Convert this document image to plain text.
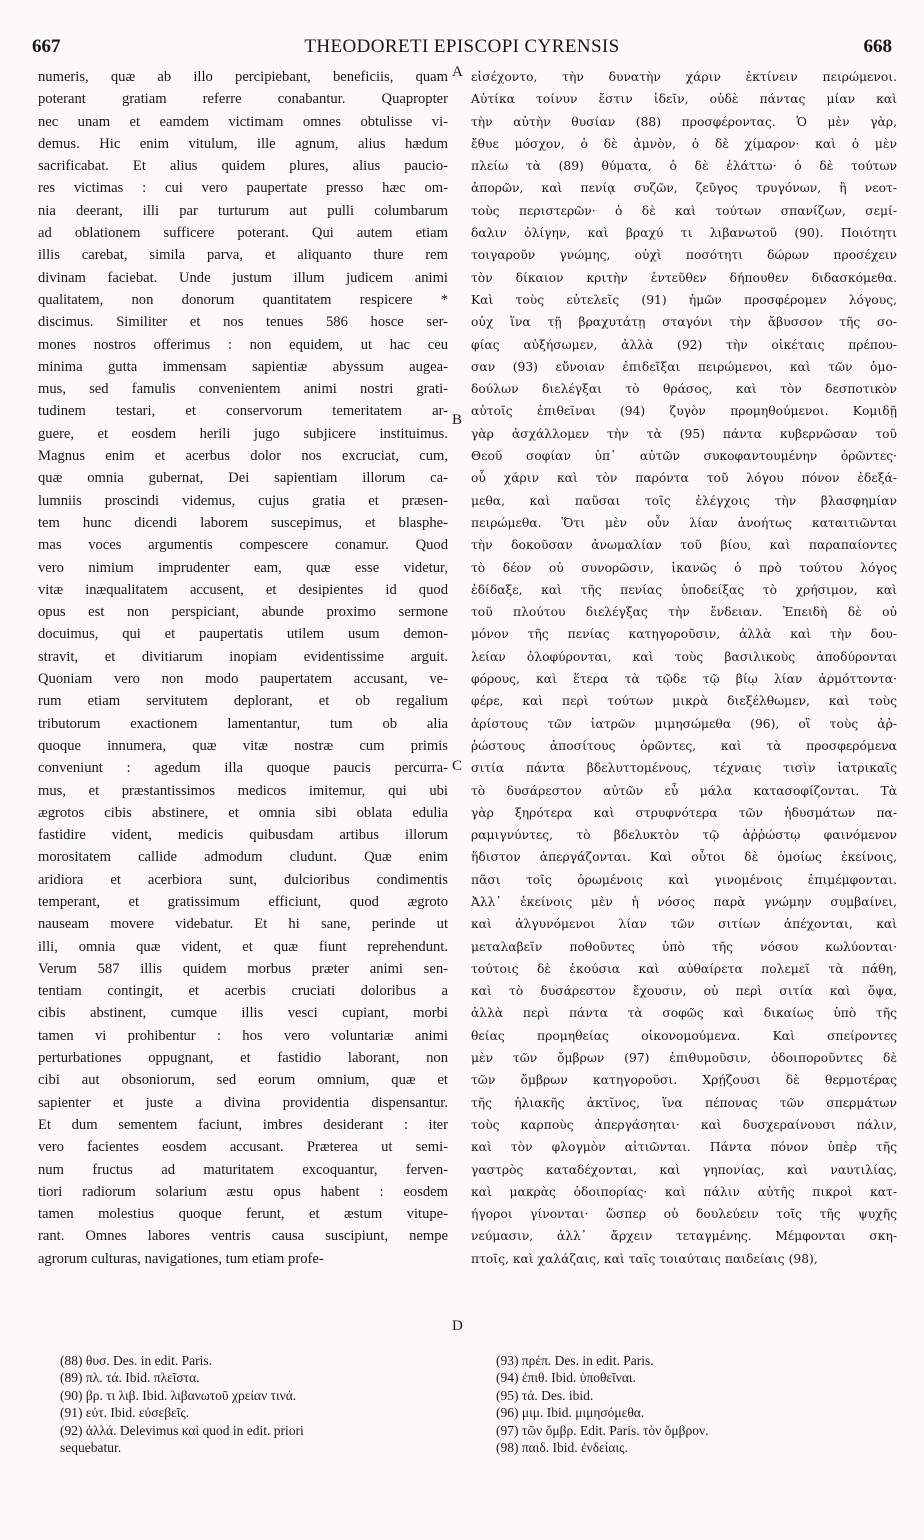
667	THEODORETI EPISCOPI CYRENSIS	668
numeris, quæ ab illo percipiebant, beneficiis, quam
poterant gratiam referre conabantur. Quapropter
nec unam et eamdem victimam omnes obtulisse vi-
demus. Hic enim vitulum, ille agnum, alius hædum
sacrificabat. Et alius quidem plures, alius paucio-
res victimas : cui vero paupertate presso hæc om-
nia deerant, illi par turturum aut pulli columbarum
ad oblationem sufficere poterant. Qui autem etiam
illis carebat, simila parva, et aliquanto thure rem
divinam faciebat. Unde justum illum judicem animi
qualitatem, non donorum quantitatem respicere *
discimus. Similiter et nos tenues 586 hosce ser-
mones nostros offerimus : non equidem, ut hac ceu
minima gutta immensam sapientiæ abyssum augea-
mus, sed famulis convenientem animi nostri grati-
tudinem testari, et conservorum temeritatem ar-
guere, et eosdem herili jugo subjicere instituimus.
Magnus enim et acerbus dolor nos excruciat, cum,
quæ omnia gubernat, Dei sapientiam illorum ca-
lumniis proscindi videmus, cujus gratia et præsen-
tem hunc dicendi laborem suscepimus, et blasphe-
mas voces argumentis compescere conamur. Quod
vero nimium imprudenter eam, quæ esse videtur,
vitæ inæqualitatem accusent, et desipientes id quod
opus est non perspiciant, abunde proximo sermone
docuimus, qui et paupertatis utilem usum demon-
stravit, et divitiarum inopiam evidentissime arguit.
Quoniam vero non modo paupertatem accusant, ve-
rum etiam servitutem deplorant, et ob regalium
tributorum exactionem lamentantur, tum ob alia
quoque innumera, quæ vitæ nostræ cum primis
conveniunt : agedum illa quoque paucis percurra-
mus, et præstantissimos medicos imitemur, qui ubi
ægrotos cibis abstinere, et omnia sibi oblata edulia
fastidire vident, medicis quibusdam artibus illorum
morositatem callide admodum cludunt. Quæ enim
aridiora et acerbiora sunt, dulcioribus condimentis
temperant, et gratissimum efficiunt, quod ægroto
nauseam movere videbatur. Et hi sane, perinde ut
illi, omnia quæ vident, et quæ fiunt reprehendunt.
Verum 587 illis quidem morbus præter animi sen-
tentiam contingit, et acerbis cruciati doloribus a
cibis abstinent, cumque illis vesci cupiant, morbi
tamen vi prohibentur : hos vero voluntariæ animi
perturbationes oppugnant, et fastidio laborant, non
cibi aut obsoniorum, sed eorum omnium, quæ et
sapienter et juste a divina providentia dispensantur.
Et dum sementem faciunt, imbres desiderant : iter
vero facientes eosdem accusant. Præterea ut semi-
num fructus ad maturitatem excoquantur, ferven-
tiori radiorum solarium æstu opus habent : eosdem
tamen molestius quoque ferunt, et æstum vitupe-
rant. Omnes labores ventris causa suscipiunt, nempe
agrorum culturas, navigationes, tum etiam profe-
A
B
C
D
εἰσέχοντο, τὴν δυνατὴν χάριν ἐκτίνειν πειρώμενοι.
Αὐτίκα τοίνυν ἔστιν ἰδεῖν, οὐδὲ πάντας μίαν καὶ
τὴν αὐτὴν θυσίαν (88) προσφέροντας. Ὁ μὲν γὰρ,
ἔθυε μόσχον, ὁ δὲ ἀμνὸν, ὁ δὲ χίμαρον· καὶ ὁ μὲν
πλείω τὰ (89) θύματα, ὁ δὲ ἐλάττω· ὁ δὲ τούτων
ἀπορῶν, καὶ πενίᾳ συζῶν, ζεῦγος τρυγόνων, ἢ νεοτ-
τοὺς περιστερῶν· ὁ δὲ καὶ τούτων σπανίζων, σεμί-
δαλιν ὀλίγην, καὶ βραχύ τι λιβανωτοῦ (90). Ποιότητι
τοιγαροῦν γνώμης, οὐχὶ ποσότητι δώρων προσέχειν
τὸν δίκαιον κριτὴν ἐντεῦθεν δήπουθεν διδασκόμεθα.
Καὶ τοὺς εὐτελεῖς (91) ἡμῶν προσφέρομεν λόγους,
οὐχ ἵνα τῇ βραχυτάτῃ σταγόνι τὴν ἄβυσσον τῆς σο-
φίας αὐξήσωμεν, ἀλλὰ (92) τὴν οἰκέταις πρέπου-
σαν (93) εὔνοιαν ἐπιδεῖξαι πειρώμενοι, καὶ τῶν ὁμο-
δούλων διελέγξαι τὸ θράσος, καὶ τὸν δεσποτικὸν
αὐτοῖς ἐπιθεῖναι (94) ζυγὸν προμηθούμενοι. Κομιδῇ
γὰρ ἀσχάλλομεν τὴν τὰ (95) πάντα κυβερνῶσαν τοῦ
Θεοῦ σοφίαν ὑπ᾿ αὐτῶν συκοφαντουμένην ὁρῶντες·
οὗ χάριν καὶ τὸν παρόντα τοῦ λόγου πόνον ἐδεξά-
μεθα, καὶ παῦσαι τοῖς ἐλέγχοις τὴν βλασφημίαν
πειρώμεθα. Ὅτι μὲν οὖν λίαν ἀνοήτως καταιτιῶνται
τὴν δοκοῦσαν ἀνωμαλίαν τοῦ βίου, καὶ παραπαίοντες
τὸ δέον οὐ συνορῶσιν, ἱκανῶς ὁ πρὸ τούτου λόγος
ἐδίδαξε, καὶ τῆς πενίας ὑποδείξας τὸ χρήσιμον, καὶ
τοῦ πλούτου διελέγξας τὴν ἔνδειαν. Ἐπειδὴ δὲ οὐ
μόνον τῆς πενίας κατηγοροῦσιν, ἀλλὰ καὶ τὴν δου-
λείαν ὀλοφύρονται, καὶ τοὺς βασιλικοὺς ἀποδύρονται
φόρους, καὶ ἕτερα τὰ τῷδε τῷ βίῳ λίαν ἁρμόττοντα·
φέρε, καὶ περὶ τούτων μικρὰ διεξέλθωμεν, καὶ τοὺς
ἀρίστους τῶν ἰατρῶν μιμησώμεθα (96), οἳ τοὺς ἀῤ-
ῥώστους ἀποσίτους ὁρῶντες, καὶ τὰ προσφερόμενα
σιτία πάντα βδελυττομένους, τέχναις τισὶν ἰατρικαῖς
τὸ δυσάρεστον αὐτῶν εὖ μάλα κατασοφίζονται. Τὰ
γὰρ ξηρότερα καὶ στρυφνότερα τῶν ἡδυσμάτων πα-
ραμιγνύντες, τὸ βδελυκτὸν τῷ ἀῤῥώστῳ φαινόμενον
ἥδιστον ἀπεργάζονται. Καὶ οὗτοι δὲ ὁμοίως ἐκείνοις,
πᾶσι τοῖς ὁρωμένοις καὶ γινομένοις ἐπιμέμφονται.
Ἀλλ᾿ ἐκείνοις μὲν ἡ νόσος παρὰ γνώμην συμβαίνει,
καὶ ἀλγυνόμενοι λίαν τῶν σιτίων ἀπέχονται, καὶ
μεταλαβεῖν ποθοῦντες ὑπὸ τῆς νόσου κωλύονται·
τούτοις δὲ ἑκούσια καὶ αὐθαίρετα πολεμεῖ τὰ πάθη,
καὶ τὸ δυσάρεστον ἔχουσιν, οὐ περὶ σιτία καὶ ὄψα,
ἀλλὰ περὶ πάντα τὰ σοφῶς καὶ δικαίως ὑπὸ τῆς
θείας προμηθείας οἰκονομούμενα. Καὶ σπείροντες
μὲν τῶν ὄμβρων (97) ἐπιθυμοῦσιν, ὁδοιποροῦντες δὲ
τῶν ὄμβρων κατηγοροῦσι. Χρῄζουσι δὲ θερμοτέρας
τῆς ἡλιακῆς ἀκτῖνος, ἵνα πέπονας τῶν σπερμάτων
τοὺς καρποὺς ἀπεργάσηται· καὶ δυσχεραίνουσι πάλιν,
καὶ τὸν φλογμὸν αἰτιῶνται. Πάντα πόνον ὑπὲρ τῆς
γαστρὸς καταδέχονται, καὶ γηπονίας, καὶ ναυτιλίας,
καὶ μακρὰς ὁδοιπορίας· καὶ πάλιν αὐτῆς πικροὶ κατ-
ήγοροι γίνονται· ὥσπερ οὐ δουλεύειν τοῖς τῆς ψυχῆς
νεύμασιν, ἀλλ᾿ ἄρχειν τεταγμένης. Μέμφονται σκη-
πτοῖς, καὶ χαλάζαις, καὶ ταῖς τοιαύταις παιδείαις (98),
(88) θυσ. Des. in edit. Paris.
(89) πλ. τά. Ibid. πλεῖστα.
(90) βρ. τι λιβ. Ibid. λιβανωτοῦ χρείαν τινά.
(91) εὐτ. Ibid. εὐσεβεῖς.
(92) ἀλλά. Delevimus καὶ quod in edit. priori
sequebatur.
(93) πρέπ. Des. in edit. Paris.
(94) ἐπιθ. Ibid. ὑποθεῖναι.
(95) τά. Des. ibid.
(96) μιμ. Ibid. μιμησόμεθα.
(97) τῶν ὄμβρ. Edit. Paris. τὸν ὄμβρον.
(98) παιδ. Ibid. ἐνδείαις.
